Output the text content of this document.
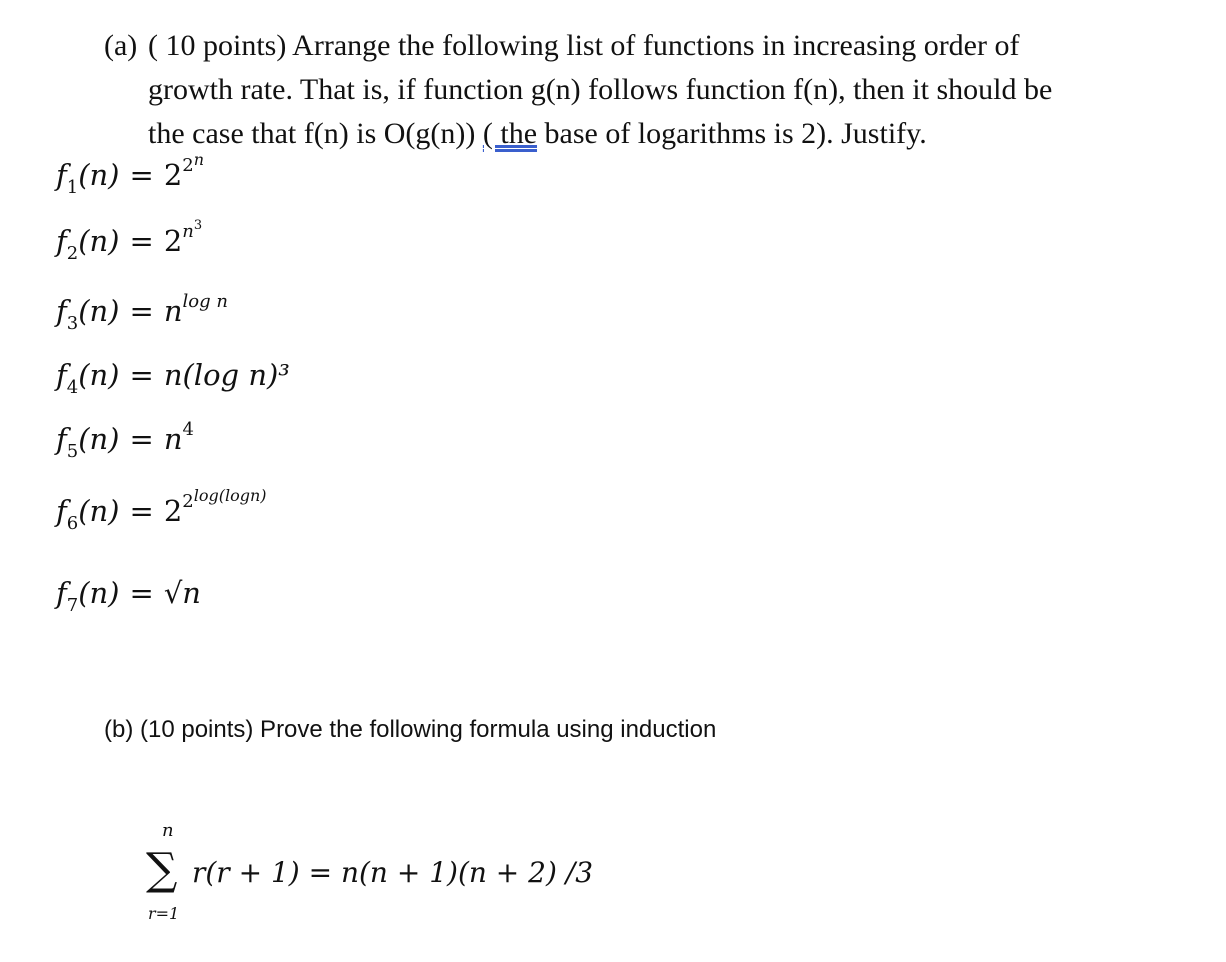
(a) ( 10 points) Arrange the following list of functions in increasing order of
growth rate. That is, if function g(n) follows function f(n), then it should be
the case that f(n) is O(g(n)) ( the base of logarithms is 2). Justify.
$f_1(n) = 2^{2n}$
$f_2(n) = 2^{n3}$
$f_3(n) = n^{log n}$
$f_4(n) = n(\log$ n)³
$f_5(n) = n^4$
$f_6(n) = 2^{2log(logn)}$
$f_7(n) = √n$
(b) (10 points) Prove the following formula using induction
n
∑
r=1
r(r + 1) = n(n + 1)(n + 2) /3
